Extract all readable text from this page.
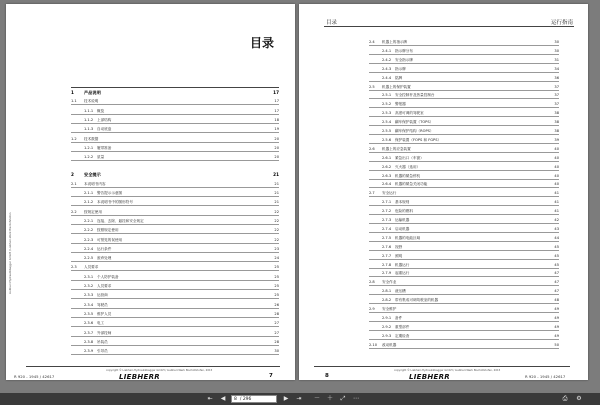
目录
1 产品说明	17
1.1 技术说明	17
1.1.1 概览	17
1.1.2 上部结构	18
1.1.3 自动底盘	19
1.2 技术数据	20
1.2.1 履带准备	20
1.2.2 质量	20
2 安全提示	21
2.1 本说明书内容	21
2.1.1 警告提示示意图	21
2.1.2 本说明书中的图形符号	21
2.2 按规定使用	22
2.2.1 连接、去除、悬挂和安全规定	22
2.2.2 按照规定使用	22
2.2.3 可预见的误使用	22
2.2.4 运行条件	23
2.2.5 废弃处理	24
2.3 人员要求	25
2.3.1 个人防护装备	25
2.3.2 人员要求	25
2.3.3 运营商	25
2.3.4 驾驶员	26
2.3.5 维护人员	28
2.3.6 电工	27
2.3.7 外部技师	27
2.3.8 吊装员	28
2.3.9 引导员	30
Liebherr-Hydraulikbagger GmbH / Liebherr-Werk Bischofshofen
copyright © Liebherr-Hydraulikbagger GmbH / Liebherr-Werk Bischofshofen, 2015
R 920 - 1945 / 42617	LIEBHERR	7
目录	运行指南
2.4 机器上的指示牌	30
2.4.1 指示牌分布	30
2.4.2 安全指示牌	31
2.4.3 指示牌	34
2.4.4 铭牌	36
2.5 机器上的保护装置	37
2.5.1 安全控制杆及热量控制台	37
2.5.2 警报器	37
2.5.3 高度可调的驾驶室	38
2.5.4 翻车保护装置（TOPS）	38
2.5.5 翻车保护结构（ROPS）	38
2.5.6 保护装置（FOPS 和 FGPS）	39
2.6 机器上的应急装置	40
2.6.1 紧急出口（车窗）	40
2.6.2 灭火器（选用）	40
2.6.3 机器的紧急停机	40
2.6.4 机器的紧急关闭功能	40
2.7 安全运行	41
2.7.1 基本规则	41
2.7.2 危险的燃料	41
2.7.3 运输机器	42
2.7.4 启动机器	43
2.7.5 机器的电能区域	44
2.7.6 视野	45
2.7.7 照明	45
2.7.8 机器运行	45
2.7.9 起重运行	47
2.8 安全作业	47
2.8.1 液压槽	47
2.8.2 带有集成可调驾驶室的机器	48
2.9 安全维护	49
2.9.1 备件	49
2.9.2 重型部件	49
2.9.3 定期检查	49
2.10 改动机器	50
8
copyright © Liebherr-Hydraulikbagger GmbH / Liebherr-Werk Bischofshofen, 2015
LIEBHERR	R 920 - 1945 / 42617
⇤	◀	8 / 296	▶	⇥	－	＋	⤢	⋯	⎙	⚙
